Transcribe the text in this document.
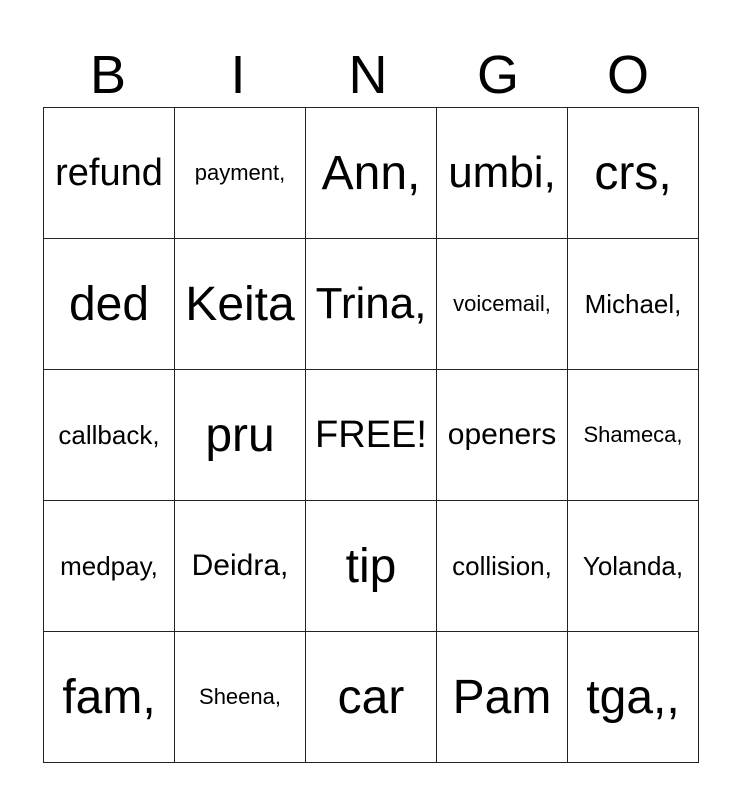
B	I	N	G	O
refund	payment,	Ann,	umbi,	crs,
ded	Keita	Trina,	voicemail,	Michael,
callback,	pru	FREE!	openers	Shameca,
medpay,	Deidra,	tip	collision,	Yolanda,
fam,	Sheena,	car	Pam	tga,,
